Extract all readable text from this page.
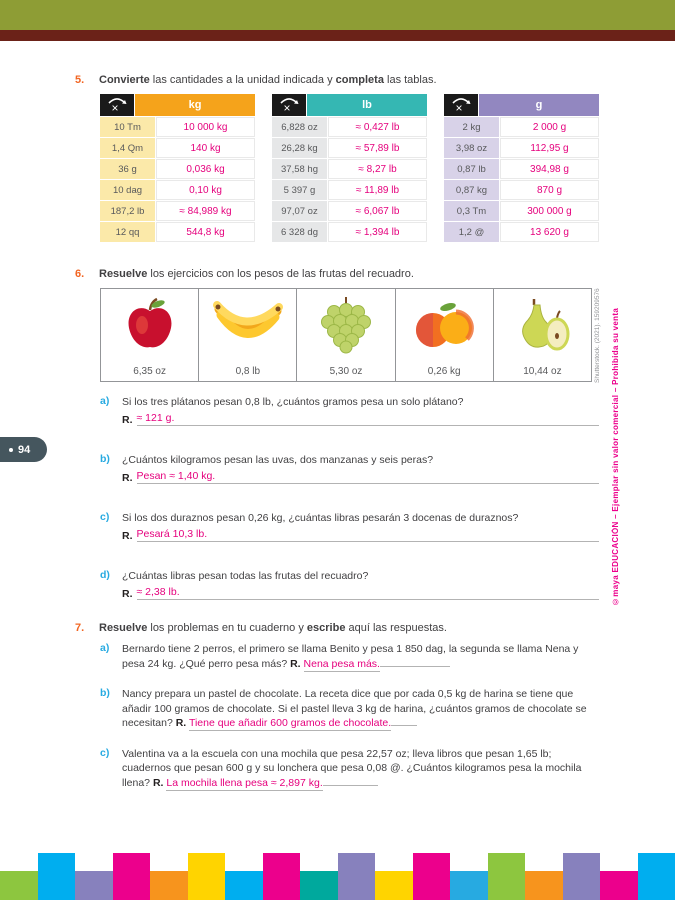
5.	Convierte las cantidades a la unidad indicada y completa las tablas.
×	kg
10 Tm	10 000 kg
1,4 Qm	140 kg
36 g	0,036 kg
10 dag	0,10 kg
187,2 lb	≈ 84,989 kg
12 qq	544,8 kg
×	lb
6,828 oz	≈ 0,427 lb
26,28 kg	≈ 57,89 lb
37,58 hg	≈ 8,27 lb
5 397 g	≈ 11,89 lb
97,07 oz	≈ 6,067 lb
6 328 dg	≈ 1,394 lb
×	g
2 kg	2 000 g
3,98 oz	112,95 g
0,87 lb	394,98 g
0,87 kg	870 g
0,3 Tm	300 000 g
1,2 @	13 620 g
6.	Resuelve los ejercicios con los pesos de las frutas del recuadro.
6,35 oz	0,8 lb	5,30 oz	0,26 kg	10,44 oz
a)	Si los tres plátanos pesan 0,8 lb, ¿cuántos gramos pesa un solo plátano?
R. ≈ 121 g.
b)	¿Cuántos kilogramos pesan las uvas, dos manzanas y seis peras?
R. Pesan ≈ 1,40 kg.
c)	Si los dos duraznos pesan 0,26 kg, ¿cuántas libras pesarán 3 docenas de duraznos?
R. Pesará 10,3 lb.
d)	¿Cuántas libras pesan todas las frutas del recuadro?
R. ≈ 2,38 lb.
7.	Resuelve los problemas en tu cuaderno y escribe aquí las respuestas.
a)	Bernardo tiene 2 perros, el primero se llama Benito y pesa 1 850 dag, la segunda se llama Nena y pesa 24 kg. ¿Qué perro pesa más? R. Nena pesa más.
b)	Nancy prepara un pastel de chocolate. La receta dice que por cada 0,5 kg de harina se tiene que añadir 100 gramos de chocolate. Si el pastel lleva 3 kg de harina, ¿cuántos gramos de chocolate se necesitan? R. Tiene que añadir 600 gramos de chocolate.
c)	Valentina va a la escuela con una mochila que pesa 22,57 oz; lleva libros que pesan 1,65 lb; cuadernos que pesan 600 g y su lonchera que pesa 0,08 @. ¿Cuántos kilogramos pesa la mochila llena? R. La mochila llena pesa ≈ 2,897 kg.
94
Shutterstock. (2021). 159209576 ©maya EDUCACIÓN – Ejemplar sin valor comercial – Prohibida su venta
